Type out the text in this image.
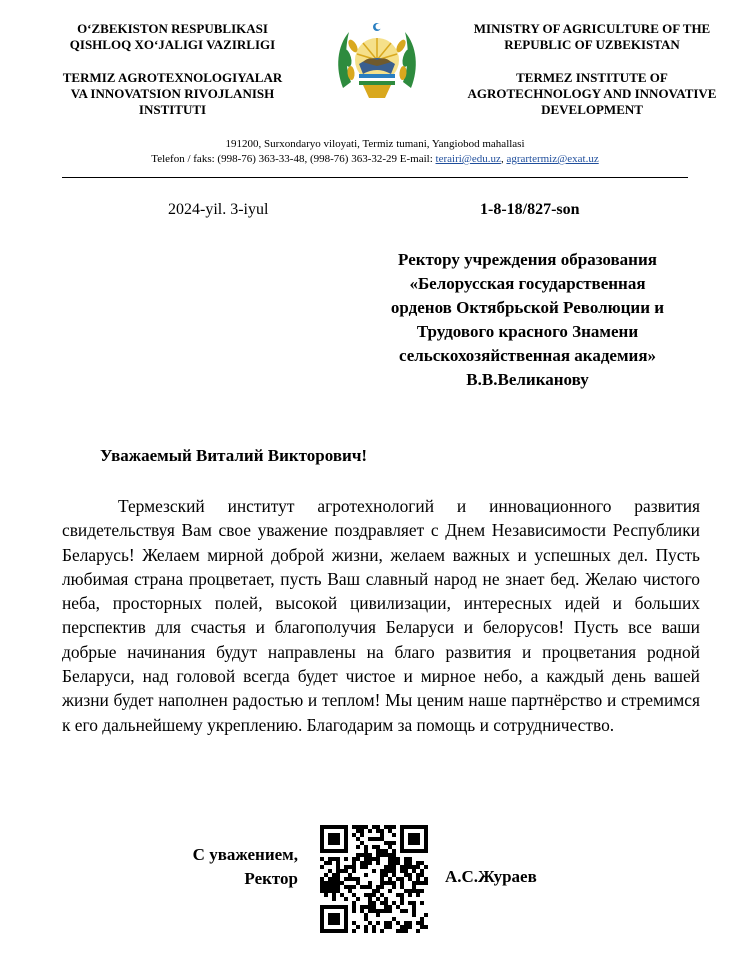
O‘ZBEKISTON RESPUBLIKASI
QISHLOQ XO‘JALIGI VAZIRLIGI
TERMIZ AGROTEXNOLOGIYALAR
VA INNOVATSION RIVOJLANISH
INSTITUTI
MINISTRY OF AGRICULTURE OF THE
REPUBLIC OF UZBEKISTAN
TERMEZ INSTITUTE OF
AGROTECHNOLOGY AND INNOVATIVE
DEVELOPMENT
191200, Surxondaryo viloyati, Termiz tumani, Yangiobod mahallasi
Telefon / faks: (998-76) 363-33-48, (998-76) 363-32-29 E-mail: terairi@edu.uz, agrartermiz@exat.uz
2024-yil. 3-iyul	1-8-18/827-son
Ректору учреждения образования
«Белорусская государственная
орденов Октябрьской Революции и
Трудового красного Знамени
сельскохозяйственная академия»
В.В.Великанову
Уважаемый Виталий Викторович!

Термезский институт агротехнологий и инновационного развития свидетельствуя Вам свое уважение поздравляет с Днем Независимости Республики Беларусь! Желаем мирной доброй жизни, желаем важных и успешных дел. Пусть любимая страна процветает, пусть Ваш славный народ не знает бед. Желаю чистого неба, просторных полей, высокой цивилизации, интересных идей и больших перспектив для счастья и благополучия Беларуси и белорусов! Пусть все ваши добрые начинания будут направлены на благо развития и процветания родной Беларуси, над головой всегда будет чистое и мирное небо, а каждый день вашей жизни будет наполнен радостью и теплом! Мы ценим наше партнёрство и стремимся к его дальнейшему укреплению. Благодарим за помощь и сотрудничество.

С уважением,
Ректор	А.С.Жураев
